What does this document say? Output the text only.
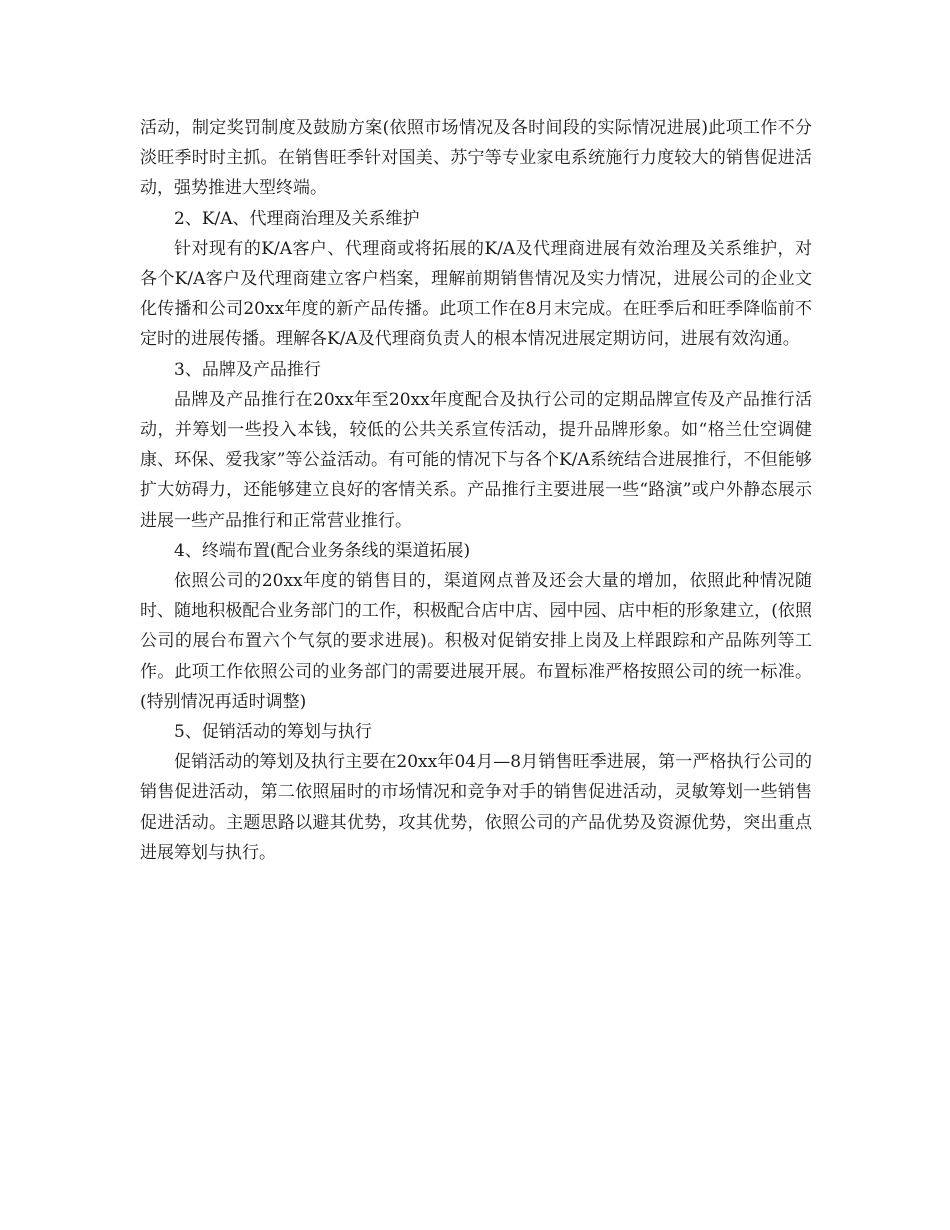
活动，制定奖罚制度及鼓励方案(依照市场情况及各时间段的实际情况进展)此项工作不分淡旺季时时主抓。在销售旺季针对国美、苏宁等专业家电系统施行力度较大的销售促进活动，强势推进大型终端。

2、K/A、代理商治理及关系维护

针对现有的K/A客户、代理商或将拓展的K/A及代理商进展有效治理及关系维护，对各个K/A客户及代理商建立客户档案，理解前期销售情况及实力情况，进展公司的企业文化传播和公司20xx年度的新产品传播。此项工作在8月末完成。在旺季后和旺季降临前不定时的进展传播。理解各K/A及代理商负责人的根本情况进展定期访问，进展有效沟通。

3、品牌及产品推行

品牌及产品推行在20xx年至20xx年度配合及执行公司的定期品牌宣传及产品推行活动，并筹划一些投入本钱，较低的公共关系宣传活动，提升品牌形象。如“格兰仕空调健康、环保、爱我家”等公益活动。有可能的情况下与各个K/A系统结合进展推行，不但能够扩大妨碍力，还能够建立良好的客情关系。产品推行主要进展一些“路演”或户外静态展示进展一些产品推行和正常营业推行。

4、终端布置(配合业务条线的渠道拓展)

依照公司的20xx年度的销售目的，渠道网点普及还会大量的增加，依照此种情况随时、随地积极配合业务部门的工作，积极配合店中店、园中园、店中柜的形象建立，(依照公司的展台布置六个气氛的要求进展)。积极对促销安排上岗及上样跟踪和产品陈列等工作。此项工作依照公司的业务部门的需要进展开展。布置标准严格按照公司的统一标准。(特别情况再适时调整)

5、促销活动的筹划与执行

促销活动的筹划及执行主要在20xx年04月—8月销售旺季进展，第一严格执行公司的销售促进活动，第二依照届时的市场情况和竞争对手的销售促进活动，灵敏筹划一些销售促进活动。主题思路以避其优势，攻其优势，依照公司的产品优势及资源优势，突出重点进展筹划与执行。
